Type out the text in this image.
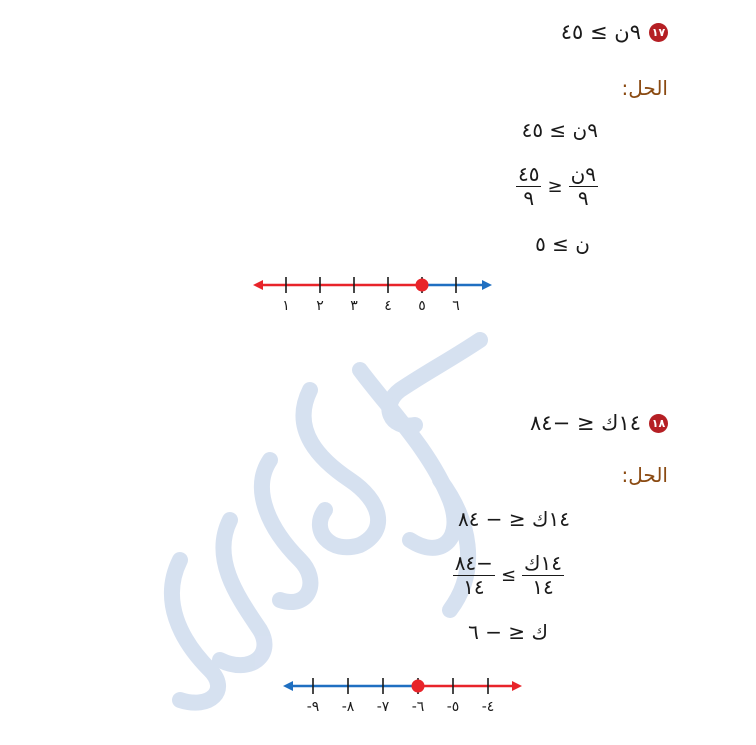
١٧
٩ن ≥ ٤٥
الحل:
٩ن ≥ ٤٥
$\frac{\text{٩ن}}{٩}$
≥
$\frac{٤٥}{٩}$
ن ≥ ٥
١ ٢ ٣ ٤ ٥ ٦
١٨
١٤ك ≤ −٨٤
الحل:
١٤ك ≤ − ٨٤
$\frac{\text{١٤ك}}{١٤}$
≤
$\frac{-٨٤}{١٤}$
ك ≤ − ٦
-٩ -٨ -٧ -٦ -٥ -٤
